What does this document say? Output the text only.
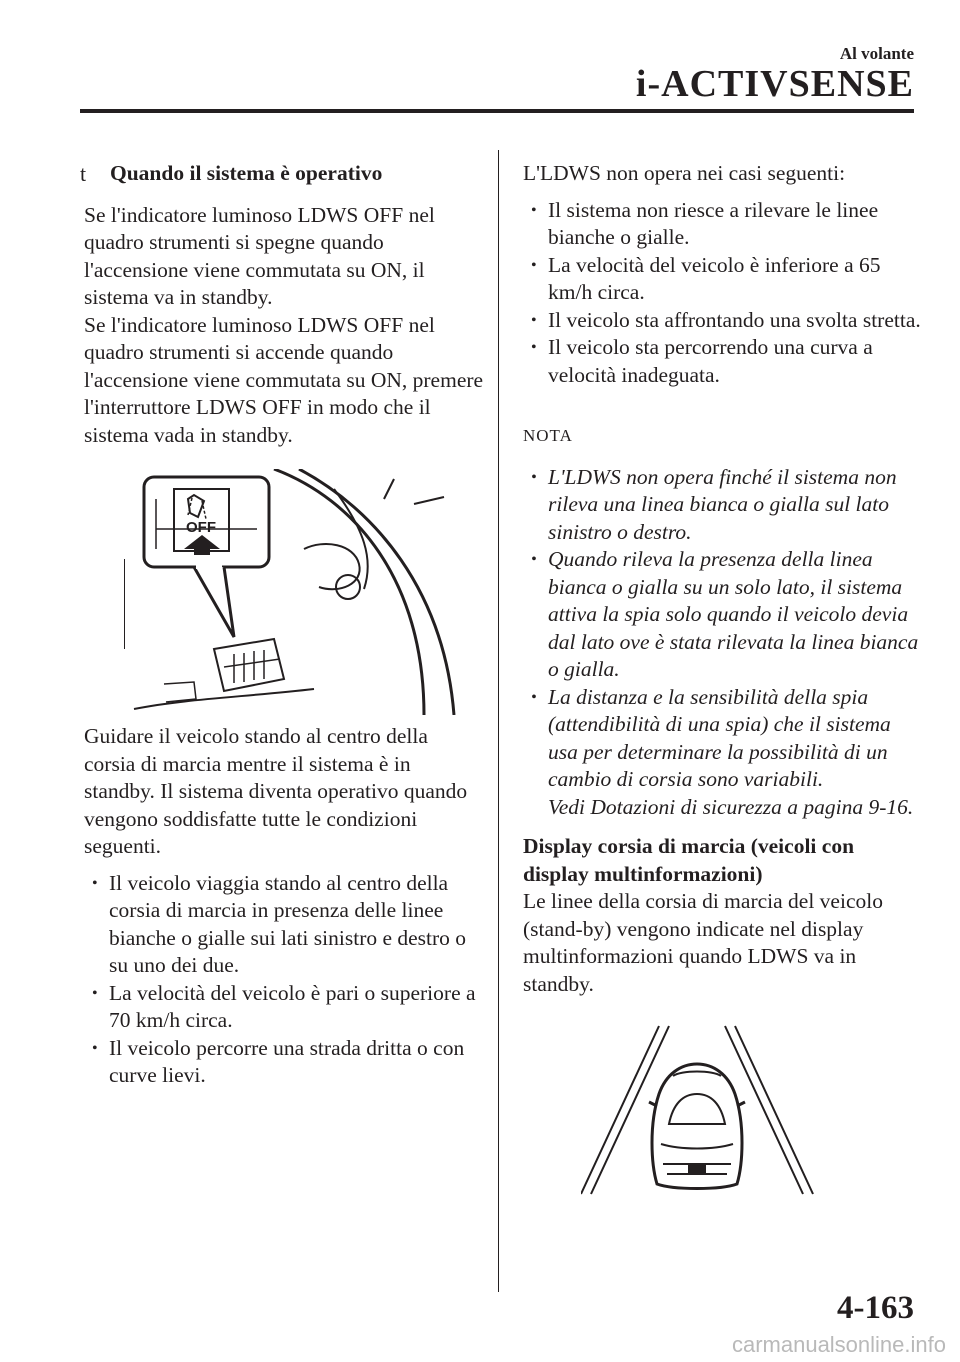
Al volante
i-ACTIVSENSE
t Quando il sistema è operativo

Se l'indicatore luminoso LDWS OFF nel quadro strumenti si spegne quando l'accensione viene commutata su ON, il sistema va in standby.

Se l'indicatore luminoso LDWS OFF nel quadro strumenti si accende quando l'accensione viene commutata su ON, premere l'interruttore LDWS OFF in modo che il sistema vada in standby.

OFF

Guidare il veicolo stando al centro della corsia di marcia mentre il sistema è in standby. Il sistema diventa operativo quando vengono soddisfatte tutte le condizioni seguenti.

• Il veicolo viaggia stando al centro della corsia di marcia in presenza delle linee bianche o gialle sui lati sinistro e destro o su uno dei due.
• La velocità del veicolo è pari o superiore a 70 km/h circa.
• Il veicolo percorre una strada dritta o con curve lievi.

L'LDWS non opera nei casi seguenti:

• Il sistema non riesce a rilevare le linee bianche o gialle.
• La velocità del veicolo è inferiore a 65 km/h circa.
• Il veicolo sta affrontando una svolta stretta.
• Il veicolo sta percorrendo una curva a velocità inadeguata.
NOTA
• L'LDWS non opera finché il sistema non rileva una linea bianca o gialla sul lato sinistro o destro.
• Quando rileva la presenza della linea bianca o gialla su un solo lato, il sistema attiva la spia solo quando il veicolo devia dal lato ove è stata rilevata la linea bianca o gialla.
• La distanza e la sensibilità della spia (attendibilità di una spia) che il sistema usa per determinare la possibilità di un cambio di corsia sono variabili.
Vedi Dotazioni di sicurezza a pagina 9-16.
Display corsia di marcia (veicoli con display multinformazioni)

Le linee della corsia di marcia del veicolo (stand-by) vengono indicate nel display multinformazioni quando LDWS va in standby.

4-163
carmanualsonline.info
